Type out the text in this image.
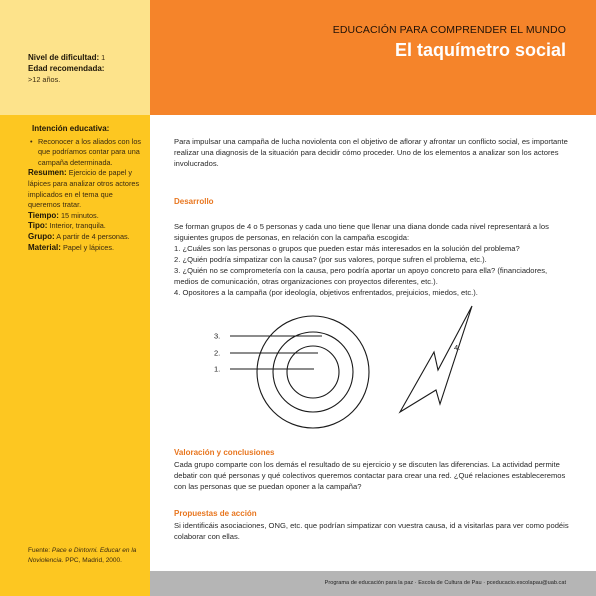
EDUCACIÓN PARA COMPRENDER EL MUNDO
El taquímetro social
Nivel de dificultad: 1
Edad recomendada:
>12 años.
Intención educativa:
• Reconocer a los aliados con los que podríamos contar para una campaña determinada.
Resumen: Ejercicio de papel y lápices para analizar otros actores implicados en el tema que queremos tratar.
Tiempo: 15 minutos.
Tipo: Interior, tranquila.
Grupo: A partir de 4 personas.
Material: Papel y lápices.
Fuente: Pace e Dintorni. Educar en la Noviolencia. PPC, Madrid, 2000.
Para impulsar una campaña de lucha noviolenta con el objetivo de aflorar y afrontar un conflicto social, es importante realizar una diagnosis de la situación para decidir cómo proceder. Uno de los elementos a analizar son los actores involucrados.
Desarrollo
Se forman grupos de 4 o 5 personas y cada uno tiene que llenar una diana donde cada nivel representará a los siguientes grupos de personas, en relación con la campaña escogida:
1. ¿Cuáles son las personas o grupos que pueden estar más interesados en la solución del problema?
2. ¿Quién podría simpatizar con la causa? (por sus valores, porque sufren el problema, etc.).
3. ¿Quién no se comprometería con la causa, pero podría aportar un apoyo concreto para ella? (financiadores, medios de comunicación, otras organizaciones con proyectos diferentes, etc.).
4. Opositores a la campaña (por ideología, objetivos enfrentados, prejuicios, miedos, etc.).
3.
2.
1.
4.
Valoración y conclusiones
Cada grupo comparte con los demás el resultado de su ejercicio y se discuten las diferencias. La actividad permite debatir con qué personas y qué colectivos queremos contactar para crear una red. ¿Qué relaciones estableceremos con las personas que se puedan oponer a la campaña?
Propuestas de acción
Si identificáis asociaciones, ONG, etc. que podrían simpatizar con vuestra causa, id a visitarlas para ver como podéis colaborar con ellas.
Programa de educación para la paz · Escola de Cultura de Pau · pceducacio.escolapau@uab.cat
